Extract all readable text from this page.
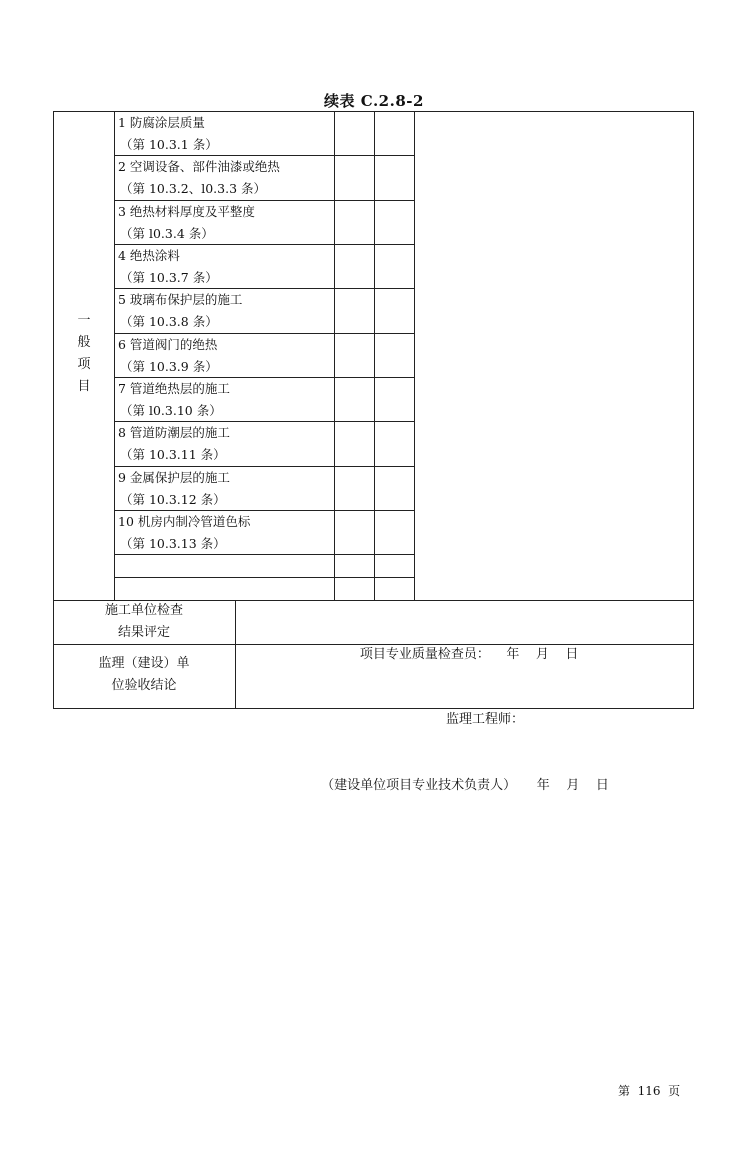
续表 C.2.8-2
一
般
项
目
1 防腐涂层质量
（第 10.3.1 条）
2 空调设备、部件油漆或绝热
（第 10.3.2、l0.3.3 条）
3 绝热材料厚度及平整度
（第 l0.3.4 条）
4 绝热涂料
（第 10.3.7 条）
5 玻璃布保护层的施工
（第 10.3.8 条）
6 管道阀门的绝热
（第 10.3.9 条）
7 管道绝热层的施工
（第 l0.3.10 条）
8 管道防潮层的施工
（第 10.3.11 条）
9 金属保护层的施工
（第 10.3.12 条）
10 机房内制冷管道色标
（第 10.3.13 条）
施工单位检查
结果评定

项目专业质量检查员：    年    月    日

监理（建设）单
位验收结论

监理工程师：

（建设单位项目专业技术负责人）     年    月    日

第  116  页
